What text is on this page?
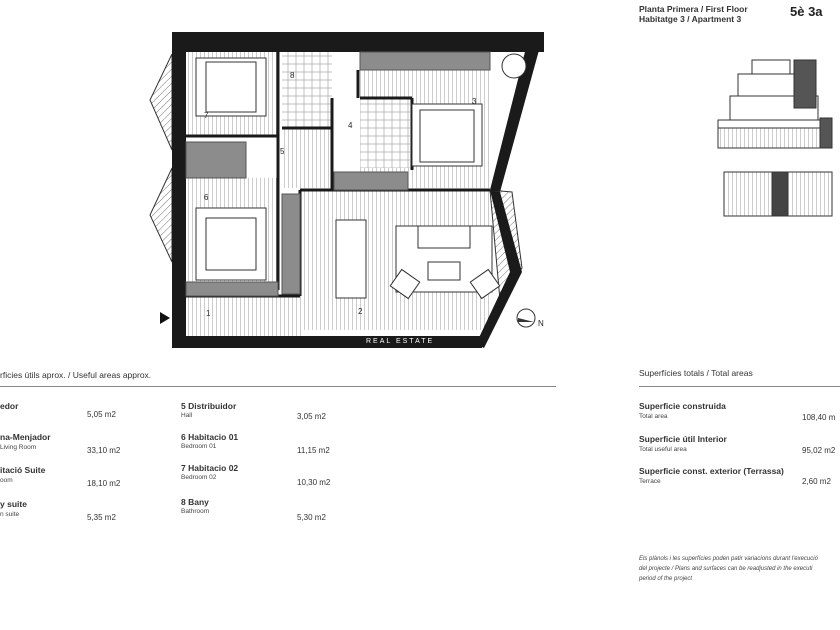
1	2
3
4
5
6
7
8
REAL ESTATE
N
Planta Primera / First Floor
Habitatge 3 / Apartment 3	5è 3a
rficies útils aprox. / Useful areas approx.
edor
5,05 m2
na-Menjador
Living Room	33,10 m2
itació Suite
oom	18,10 m2
y suite
n suite	5,35 m2
5 Distribuidor
Hall	3,05 m2
6 Habitacio 01
Bedroom 01	11,15 m2
7 Habitacio 02
Bedroom 02
10,30 m2
8 Bany
Bathroom
5,30 m2
Superfícies totals / Total areas
Superficie construida
Total area	108,40 m
Superficie útil Interior
Total useful area	95,02 m2
Superficie const. exterior (Terrassa)
Terrace	2,60 m2
Els plànols i les superfícies poden patir variacions durant l'execució
del projecte / Plans and surfaces can be readjusted in the executi
period of the project
